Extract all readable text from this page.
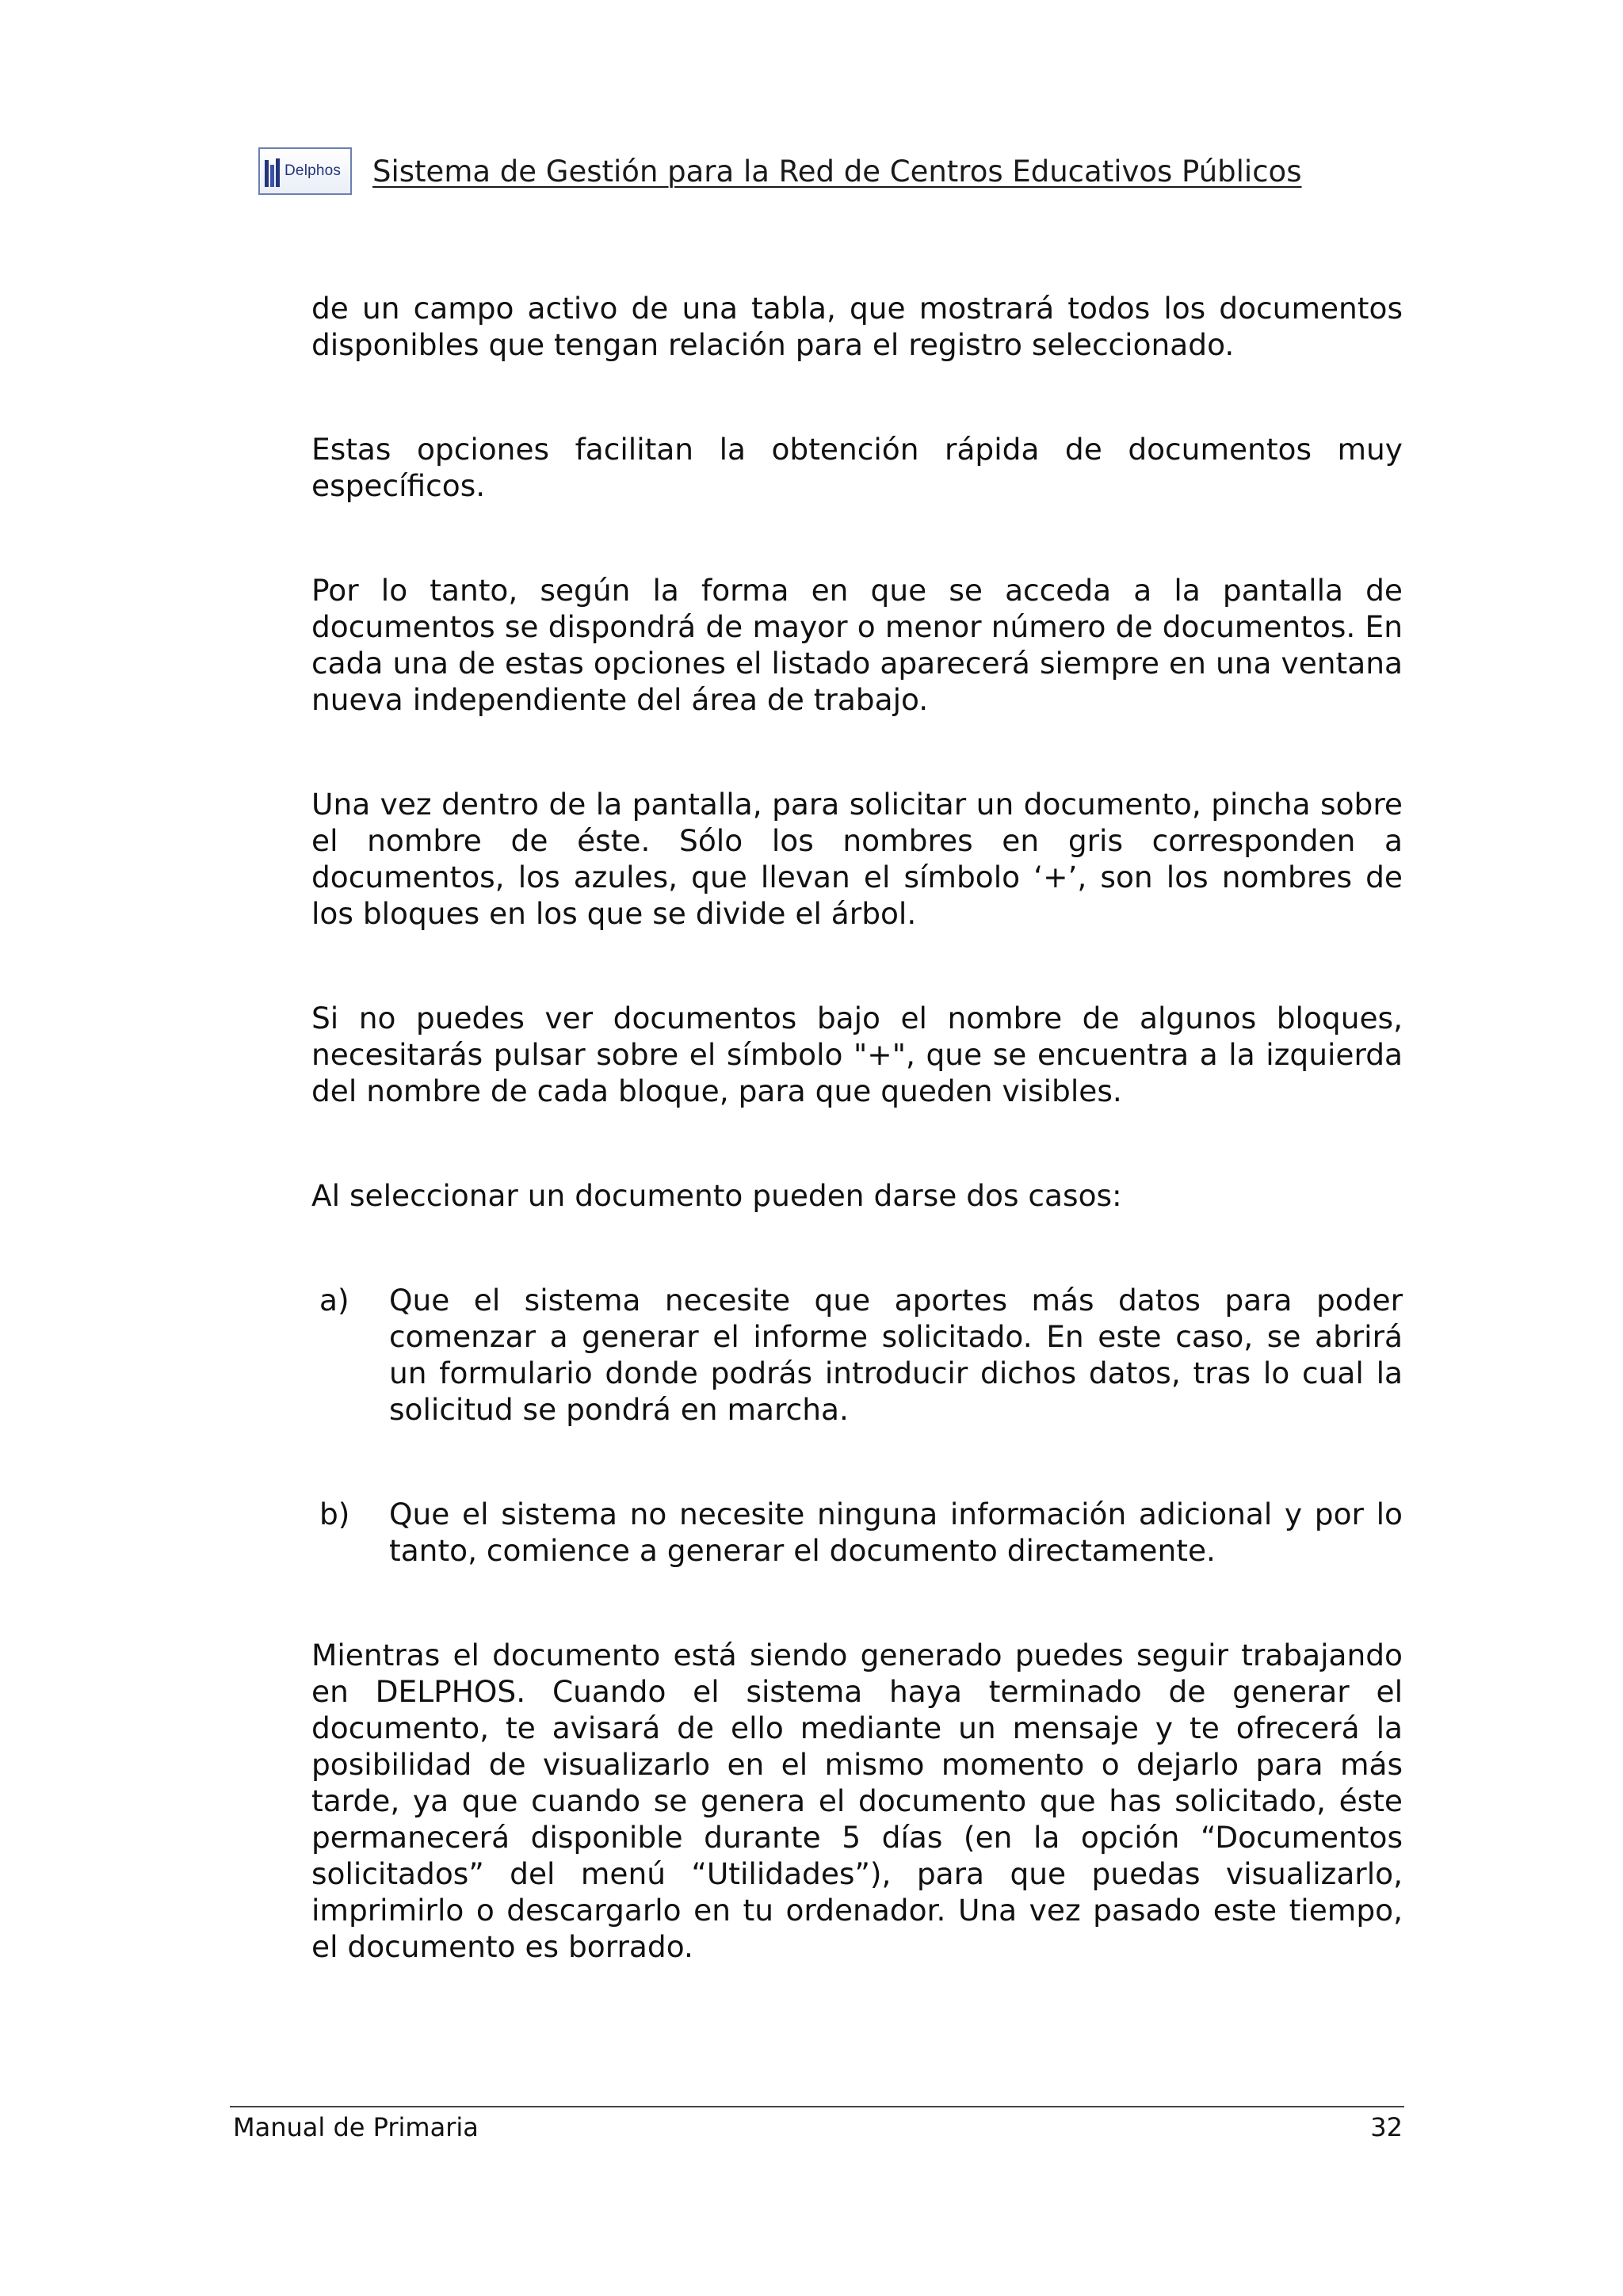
Delphos Sistema de Gestión para la Red de Centros Educativos Públicos

de un campo activo de una tabla, que mostrará todos los documentos disponibles que tengan relación para el registro seleccionado.

Estas opciones facilitan la obtención rápida de documentos muy específicos.

Por lo tanto, según la forma en que se acceda a la pantalla de documentos se dispondrá de mayor o menor número de documentos. En cada una de estas opciones el listado aparecerá siempre en una ventana nueva independiente del área de trabajo.

Una vez dentro de la pantalla, para solicitar un documento, pincha sobre el nombre de éste. Sólo los nombres en gris corresponden a documentos, los azules, que llevan el símbolo ‘+’, son los nombres de los bloques en los que se divide el árbol.

Si no puedes ver documentos bajo el nombre de algunos bloques, necesitarás pulsar sobre el símbolo "+", que se encuentra a la izquierda del nombre de cada bloque, para que queden visibles.

Al seleccionar un documento pueden darse dos casos:

a)	Que el sistema necesite que aportes más datos para poder comenzar a generar el informe solicitado. En este caso, se abrirá un formulario donde podrás introducir dichos datos, tras lo cual la solicitud se pondrá en marcha.

b)	Que el sistema no necesite ninguna información adicional y por lo tanto, comience a generar el documento directamente.

Mientras el documento está siendo generado puedes seguir trabajando en DELPHOS. Cuando el sistema haya terminado de generar el documento, te avisará de ello mediante un mensaje y te ofrecerá la posibilidad de visualizarlo en el mismo momento o dejarlo para más tarde, ya que cuando se genera el documento que has solicitado, éste permanecerá disponible durante 5 días (en la opción “Documentos solicitados” del menú “Utilidades”), para que puedas visualizarlo, imprimirlo o descargarlo en tu ordenador. Una vez pasado este tiempo, el documento es borrado.

Manual de Primaria	32
